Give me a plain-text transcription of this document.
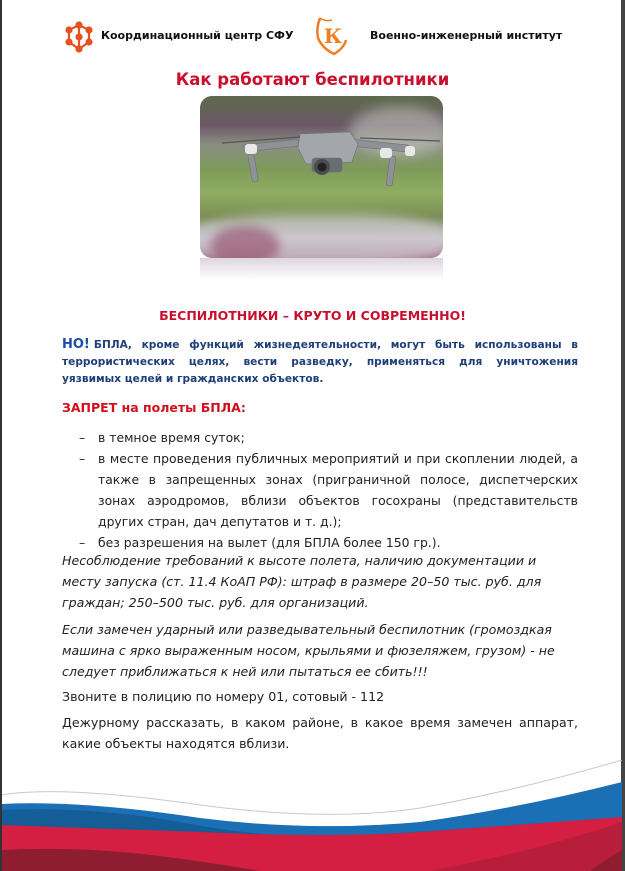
Координационный центр СФУ К	Военно-инженерный институт
Как работают беспилотники
БЕСПИЛОТНИКИ – КРУТО И СОВРЕМЕННО!
НО! БПЛА, кроме функций жизнедеятельности, могут быть использованы в террористических целях, вести разведку, применяться для уничтожения уязвимых целей и гражданских объектов.
ЗАПРЕТ на полеты БПЛА:
– в темное время суток;
– в месте проведения публичных мероприятий и при скоплении людей, а также в запрещенных зонах (приграничной полосе, диспетчерских зонах аэродромов, вблизи объектов госохраны (представительств других стран, дач депутатов и т. д.);
– без разрешения на вылет (для БПЛА более 150 гр.).
Несоблюдение требований к высоте полета, наличию документации и месту запуска (ст. 11.4 КоАП РФ): штраф в размере 20–50 тыс. руб. для граждан; 250–500 тыс. руб. для организаций.
Если замечен ударный или разведывательный беспилотник (громоздкая машина с ярко выраженным носом, крыльями и фюзеляжем, грузом) - не следует приближаться к ней или пытаться ее сбить!!!
Звоните в полицию по номеру 01, сотовый - 112
Дежурному рассказать, в каком районе, в какое время замечен аппарат, какие объекты находятся вблизи.
